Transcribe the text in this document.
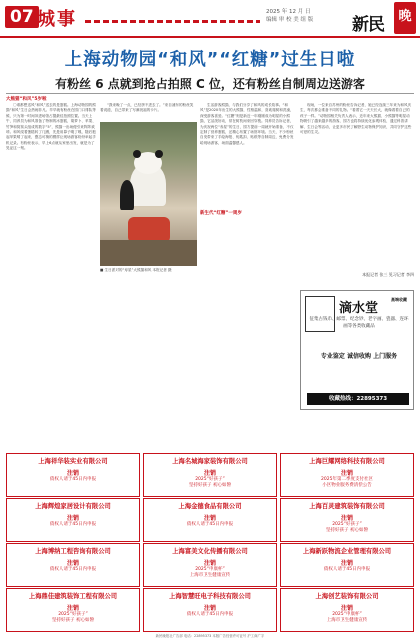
07 城事	2025 年 12 月 日
编辑 审 校 美 组 版	新民	晚
上海动物园“和风”“红糖”过生日啦
有粉丝 6 点就到抢占拍照 C 位，还有粉丝自制周边送游客
大熊猫“和风”5岁啦
〇谁都想送风“和风”送去的是蛋糕。上海动物园的熊猫“和风”生日会热闹非凡。早早就有粉丝在园门口排队等候，只为第一时间冲进场馆占据最佳拍照位置。当天上午，饲养员为和风准备了特制的冰蛋糕，胡萝卜、苹果、竹笋和窝窝头组成的数字“5”，熊猫一出场便引来阵阵欢呼。和风绕着蛋糕转了几圈，先是用鼻子嗅了嗅，随后抱起苹果啃了起来，憨态可掬的模样让现场游客纷纷举起手机记录。有粉丝表示，早上6点就从家里出发，就是为了见证这一刻。
“我来晚了一点，已经挤不进去了。”来自浦东的粉丝笑着说道，自己带来了写满祝福的卡片。
■ 生日派对的“寿星”大熊猫和风 本报记者 摄
新生代“红糖”一周岁
生活游客熊猫，与我们分享了和风的成长故事。“和风”是2020年出生的大熊猫，性格温和，喜欢爬树和洗澡，深受游客喜爱。“红糖”则是新近一年刚刚成为明星的小熊猫，它活泼好动，常在树枝间来回穿梭。饲养员告诉记者，为庆祝两位“寿星”的生日，园方提前一周就开始准备，不仅定制了营养蛋糕，还精心布置了场馆环境。当天，不少粉丝自发带来了手绘海报、钥匙扣、贴纸等自制周边，免费分发给现场游客，场面温馨感人。
现场，一位来自苏州的粉丝告诉记者，她已经连续三年来为和风庆生，每次都会准备不同的礼物。“看着它一天天长大，就像看着自己的孩子一样。”动物园相关负责人表示，近年来大熊猫、小熊猫等明星动物吸引了越来越多的游客，园方也将持续优化参观体验，通过科普讲解、生日会等活动，让更多市民了解野生动物保护知识，共同守护这些可爱的生灵。
本报记者 张三 见习记者 李四
滴水堂
高端收藏
征集古钱币、邮票、纪念钞、老字画、瓷器、连环画等各类收藏品
专业鉴定 诚信收购 上门服务
收藏热线：22895373
上海祥华装实业有限公司
注销
债权人请于45日内申报
上海名城海家装饰有限公司
注销
2025“好孩子”
坚持好孩子 初心如磐
上海巨耀网络科技有限公司
注销
2025年第二季度支付社区
小区物业服务费清偿公告
上海辉煌家居设计有限公司
注销
债权人请于45日内申报
上海金德食品有限公司
注销
债权人请于45日内申报
上海百灵建筑装饰有限公司
注销
2025“好孩子”
坚持好孩子 初心如磐
上海博纳工程咨询有限公司
注销
债权人请于45日内申报
上海富美文化传播有限公司
注销
2025“申康杯”
上海市卫生健康宣传
上海新跃物流企业管理有限公司
注销
债权人请于45日内申报
上海鼎佳建筑装饰工程有限公司
注销
2025“好孩子”
坚持好孩子 初心如磐
上海智慧旺电子科技有限公司
注销
债权人请于45日内申报
上海创艺装饰有限公司
注销
2025“申康杯”
上海市卫生健康宣传
新民晚报社广告部 电话：22895373 本版广告经营许可证号 沪工商广字
